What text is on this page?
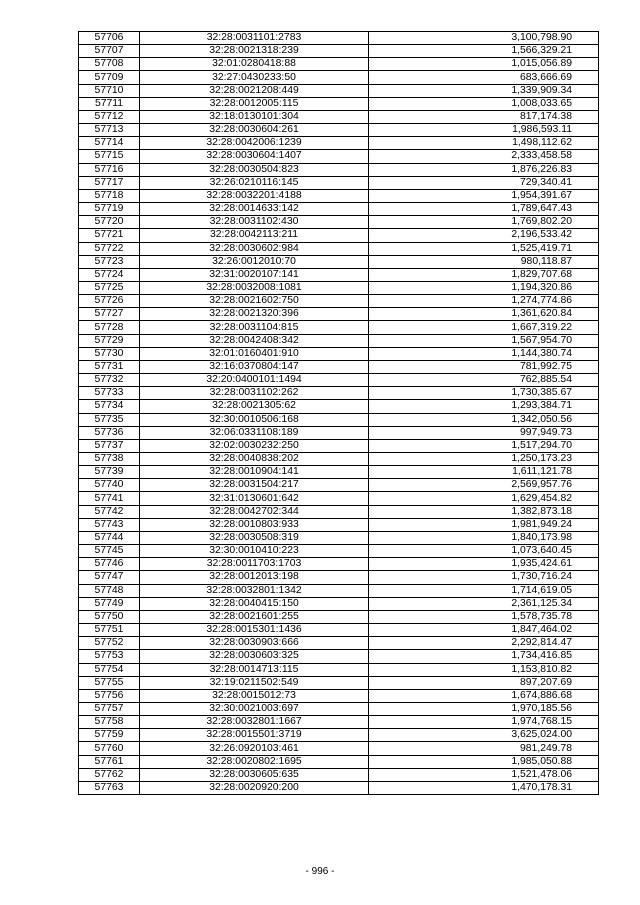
57706	32:28:0031101:2783	3,100,798.90
57707	32:28:0021318:239	1,566,329.21
57708	32:01:0280418:88	1,015,056.89
57709	32:27:0430233:50	683,666.69
57710	32:28:0021208:449	1,339,909.34
57711	32:28:0012005:115	1,008,033.65
57712	32:18:0130101:304	817,174.38
57713	32:28:0030604:261	1,986,593.11
57714	32:28:0042006:1239	1,498,112.62
57715	32:28:0030604:1407	2,333,458.58
57716	32:28:0030504:823	1,876,226.83
57717	32:26:0210116:145	729,340.41
57718	32:28:0032201:4188	1,954,391.67
57719	32:28:0014633:142	1,789,647.43
57720	32:28:0031102:430	1,769,802.20
57721	32:28:0042113:211	2,196,533.42
57722	32:28:0030602:984	1,525,419.71
57723	32:26:0012010:70	980,118.87
57724	32:31:0020107:141	1,829,707.68
57725	32:28:0032008:1081	1,194,320.86
57726	32:28:0021602:750	1,274,774.86
57727	32:28:0021320:396	1,361,620.84
57728	32:28:0031104:815	1,667,319.22
57729	32:28:0042408:342	1,567,954.70
57730	32:01:0160401:910	1,144,380.74
57731	32:16:0370804:147	781,992.75
57732	32:20:0400101:1494	762,885.54
57733	32:28:0031102:262	1,730,385.67
57734	32:28:0021305:62	1,293,384.71
57735	32:30:0010506:168	1,342,050.56
57736	32:06:0331108:189	997,949.73
57737	32:02:0030232:250	1,517,294.70
57738	32:28:0040838:202	1,250,173.23
57739	32:28:0010904:141	1,611,121.78
57740	32:28:0031504:217	2,569,957.76
57741	32:31:0130601:642	1,629,454.82
57742	32:28:0042702:344	1,382,873.18
57743	32:28:0010803:933	1,981,949.24
57744	32:28:0030508:319	1,840,173.98
57745	32:30:0010410:223	1,073,640.45
57746	32:28:0011703:1703	1,935,424.61
57747	32:28:0012013:198	1,730,716.24
57748	32:28:0032801:1342	1,714,619.05
57749	32:28:0040415:150	2,361,125.34
57750	32:28:0021601:255	1,578,735.78
57751	32:28:0015301:1436	1,847,464.02
57752	32:28:0030903:666	2,292,814.47
57753	32:28:0030603:325	1,734,416.85
57754	32:28:0014713:115	1,153,810.82
57755	32:19:0211502:549	897,207.69
57756	32:28:0015012:73	1,674,886.68
57757	32:30:0021003:697	1,970,185.56
57758	32:28:0032801:1667	1,974,768.15
57759	32:28:0015501:3719	3,625,024.00
57760	32:26:0920103:461	981,249.78
57761	32:28:0020802:1695	1,985,050.88
57762	32:28:0030605:635	1,521,478.06
57763	32:28:0020920:200	1,470,178.31
- 996 -
